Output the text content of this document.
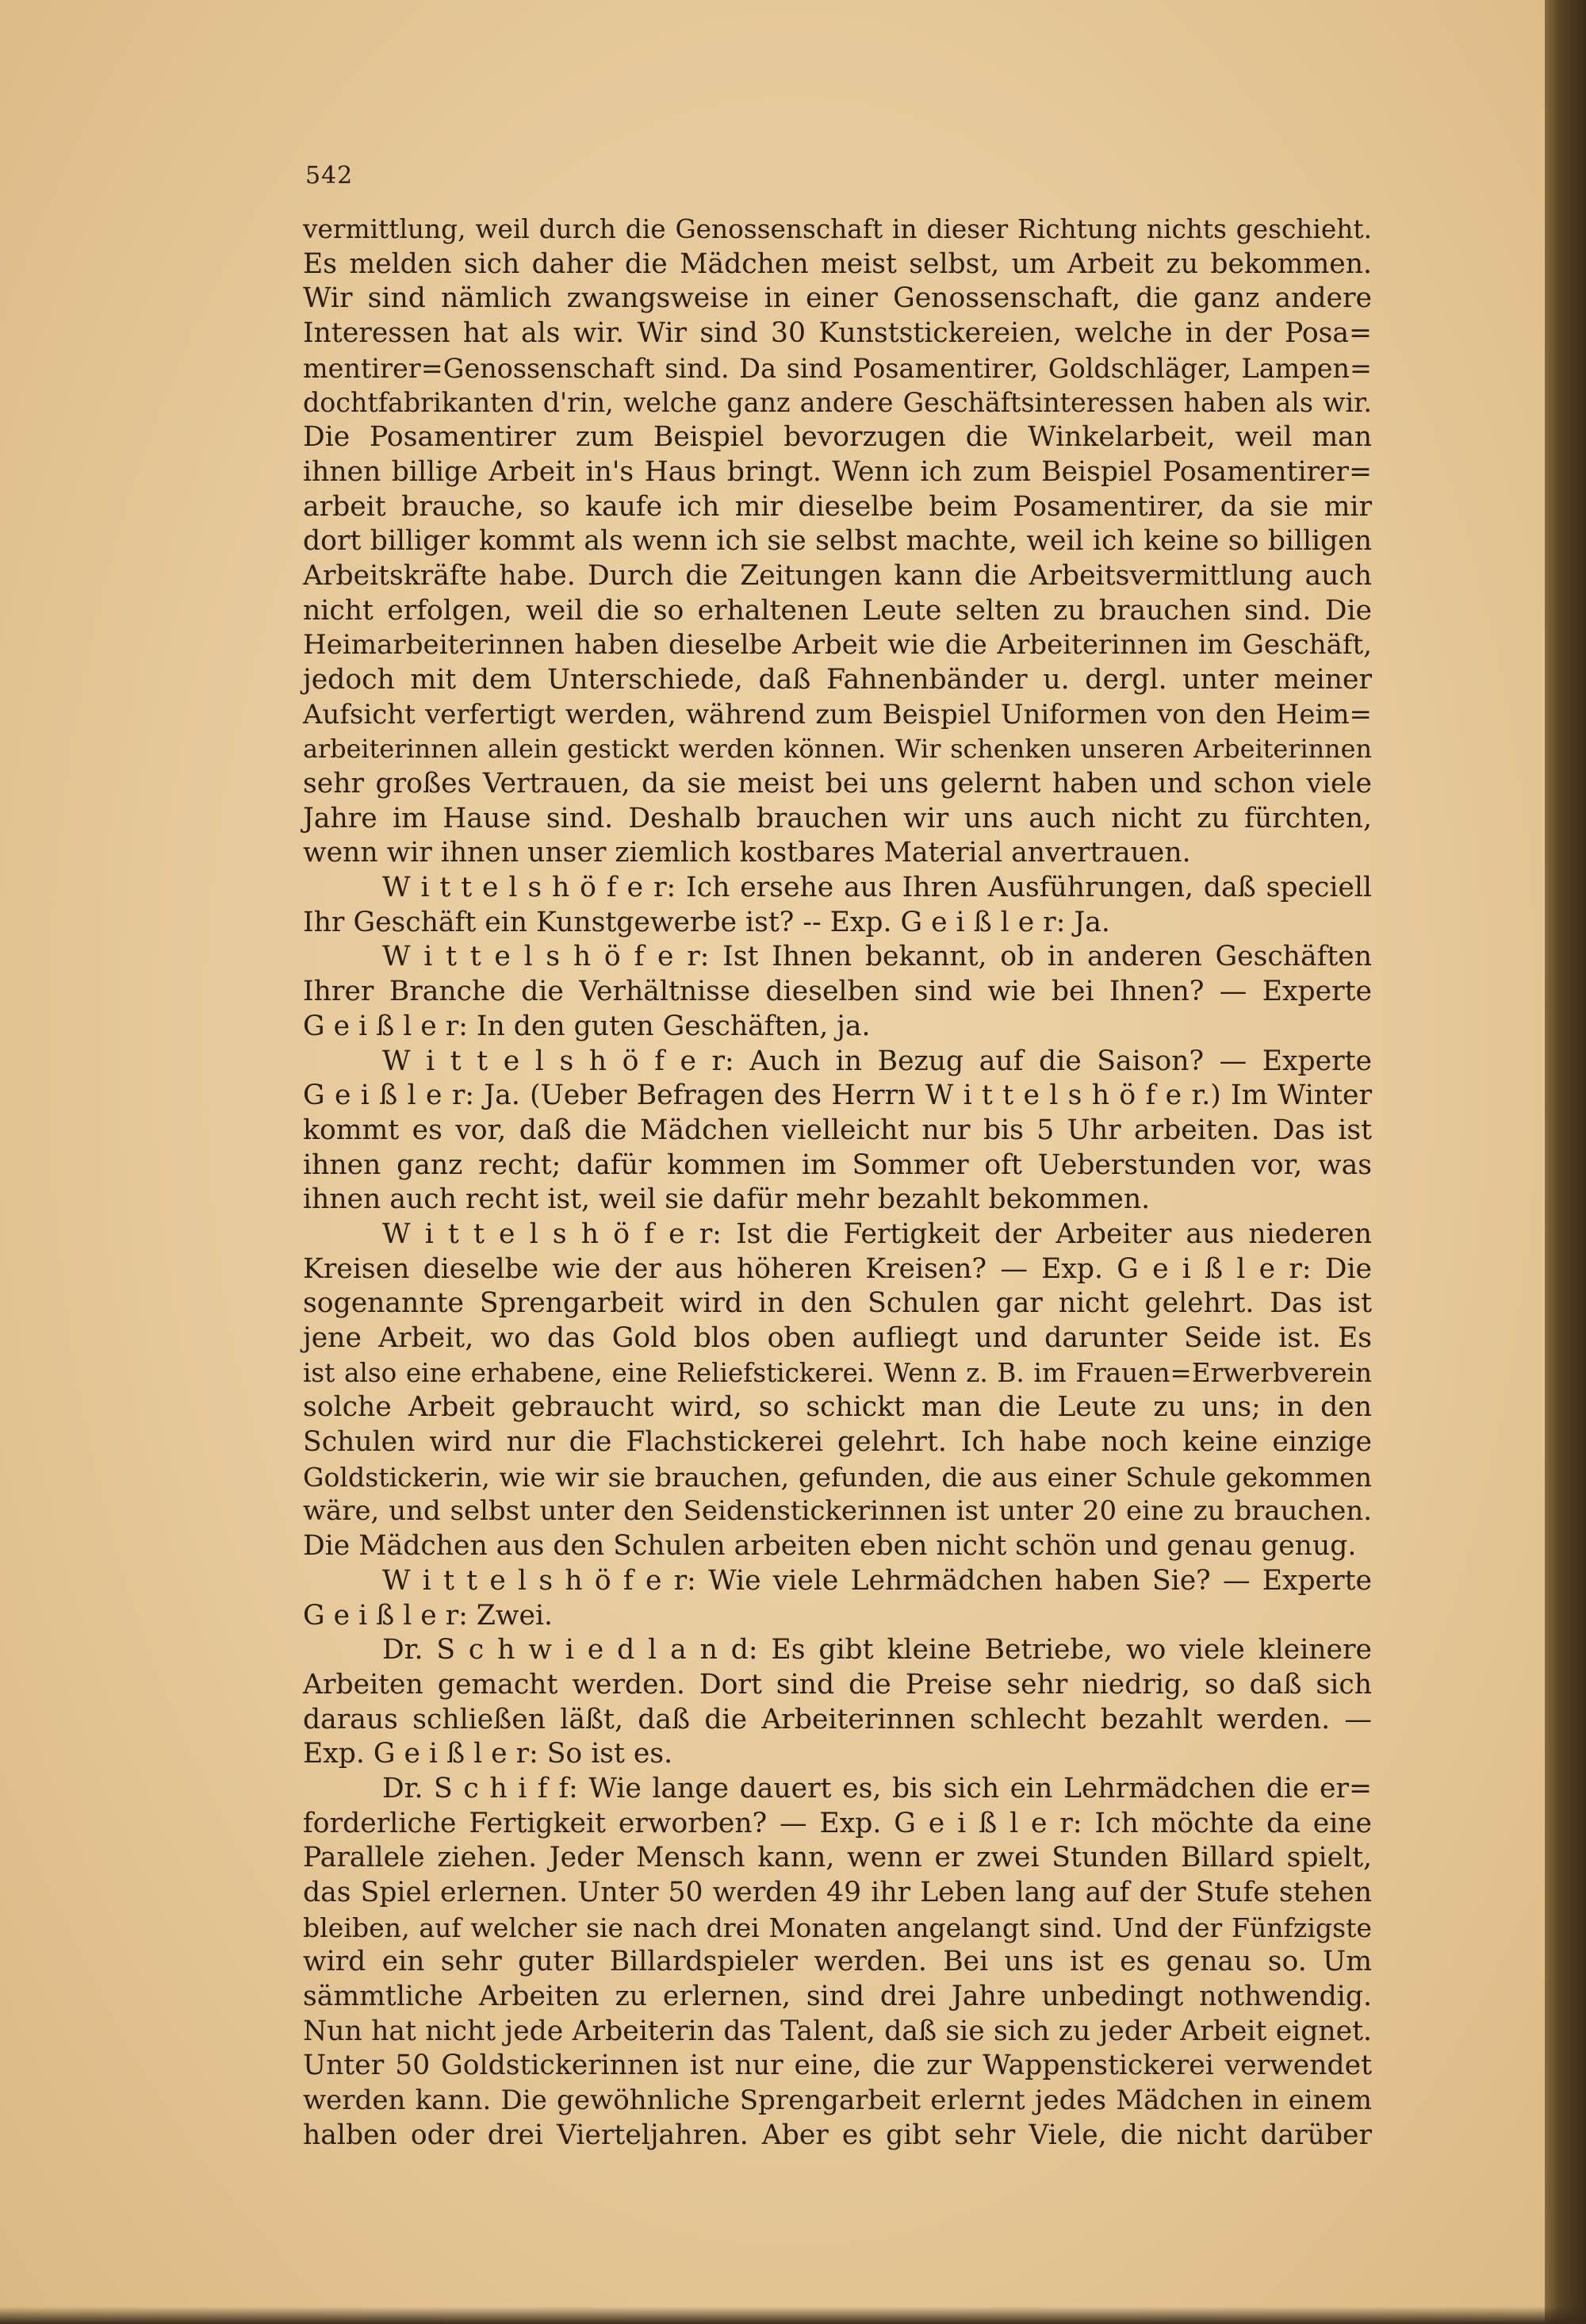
542
vermittlung, weil durch die Genossenschaft in dieser Richtung nichts geschieht.
Es melden sich daher die Mädchen meist selbst, um Arbeit zu bekommen.
Wir sind nämlich zwangsweise in einer Genossenschaft, die ganz andere
Interessen hat als wir. Wir sind 30 Kunststickereien, welche in der Posa=
mentirer=Genossenschaft sind. Da sind Posamentirer, Goldschläger, Lampen=
dochtfabrikanten d'rin, welche ganz andere Geschäftsinteressen haben als wir.
Die Posamentirer zum Beispiel bevorzugen die Winkelarbeit, weil man
ihnen billige Arbeit in's Haus bringt. Wenn ich zum Beispiel Posamentirer=
arbeit brauche, so kaufe ich mir dieselbe beim Posamentirer, da sie mir
dort billiger kommt als wenn ich sie selbst machte, weil ich keine so billigen
Arbeitskräfte habe. Durch die Zeitungen kann die Arbeitsvermittlung auch
nicht erfolgen, weil die so erhaltenen Leute selten zu brauchen sind. Die
Heimarbeiterinnen haben dieselbe Arbeit wie die Arbeiterinnen im Geschäft,
jedoch mit dem Unterschiede, daß Fahnenbänder u. dergl. unter meiner
Aufsicht verfertigt werden, während zum Beispiel Uniformen von den Heim=
arbeiterinnen allein gestickt werden können. Wir schenken unseren Arbeiterinnen
sehr großes Vertrauen, da sie meist bei uns gelernt haben und schon viele
Jahre im Hause sind. Deshalb brauchen wir uns auch nicht zu fürchten,
wenn wir ihnen unser ziemlich kostbares Material anvertrauen.
W i t t e l s h ö f e r: Ich ersehe aus Ihren Ausführungen, daß speciell
Ihr Geschäft ein Kunstgewerbe ist? -- Exp. G e i ß l e r: Ja.
W i t t e l s h ö f e r: Ist Ihnen bekannt, ob in anderen Geschäften
Ihrer Branche die Verhältnisse dieselben sind wie bei Ihnen? — Experte
G e i ß l e r: In den guten Geschäften, ja.
W i t t e l s h ö f e r: Auch in Bezug auf die Saison? — Experte
G e i ß l e r: Ja. (Ueber Befragen des Herrn W i t t e l s h ö f e r.) Im Winter
kommt es vor, daß die Mädchen vielleicht nur bis 5 Uhr arbeiten. Das ist
ihnen ganz recht; dafür kommen im Sommer oft Ueberstunden vor, was
ihnen auch recht ist, weil sie dafür mehr bezahlt bekommen.
W i t t e l s h ö f e r: Ist die Fertigkeit der Arbeiter aus niederen
Kreisen dieselbe wie der aus höheren Kreisen? — Exp. G e i ß l e r: Die
sogenannte Sprengarbeit wird in den Schulen gar nicht gelehrt. Das ist
jene Arbeit, wo das Gold blos oben aufliegt und darunter Seide ist. Es
ist also eine erhabene, eine Reliefstickerei. Wenn z. B. im Frauen=Erwerbverein
solche Arbeit gebraucht wird, so schickt man die Leute zu uns; in den
Schulen wird nur die Flachstickerei gelehrt. Ich habe noch keine einzige
Goldstickerin, wie wir sie brauchen, gefunden, die aus einer Schule gekommen
wäre, und selbst unter den Seidenstickerinnen ist unter 20 eine zu brauchen.
Die Mädchen aus den Schulen arbeiten eben nicht schön und genau genug.
W i t t e l s h ö f e r: Wie viele Lehrmädchen haben Sie? — Experte
G e i ß l e r: Zwei.
Dr. S c h w i e d l a n d: Es gibt kleine Betriebe, wo viele kleinere
Arbeiten gemacht werden. Dort sind die Preise sehr niedrig, so daß sich
daraus schließen läßt, daß die Arbeiterinnen schlecht bezahlt werden. —
Exp. G e i ß l e r: So ist es.
Dr. S c h i f f: Wie lange dauert es, bis sich ein Lehrmädchen die er=
forderliche Fertigkeit erworben? — Exp. G e i ß l e r: Ich möchte da eine
Parallele ziehen. Jeder Mensch kann, wenn er zwei Stunden Billard spielt,
das Spiel erlernen. Unter 50 werden 49 ihr Leben lang auf der Stufe stehen
bleiben, auf welcher sie nach drei Monaten angelangt sind. Und der Fünfzigste
wird ein sehr guter Billardspieler werden. Bei uns ist es genau so. Um
sämmtliche Arbeiten zu erlernen, sind drei Jahre unbedingt nothwendig.
Nun hat nicht jede Arbeiterin das Talent, daß sie sich zu jeder Arbeit eignet.
Unter 50 Goldstickerinnen ist nur eine, die zur Wappenstickerei verwendet
werden kann. Die gewöhnliche Sprengarbeit erlernt jedes Mädchen in einem
halben oder drei Vierteljahren. Aber es gibt sehr Viele, die nicht darüber
